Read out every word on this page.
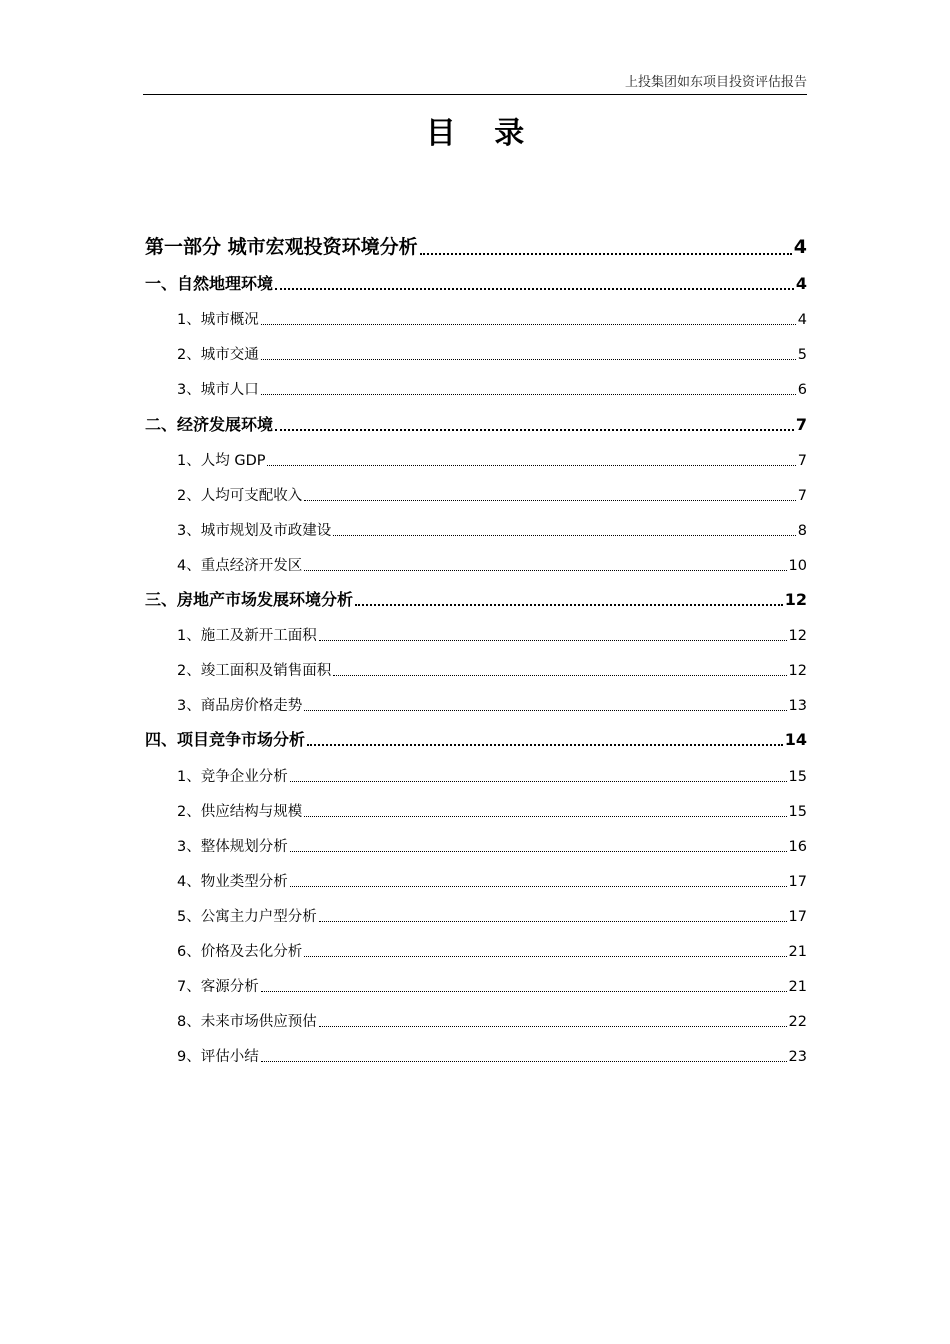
上投集团如东项目投资评估报告
目 录
第一部分 城市宏观投资环境分析	4
一、自然地理环境	4
1、城市概况	4
2、城市交通	5
3、城市人口	6
二、经济发展环境	7
1、人均 GDP	7
2、人均可支配收入	7
3、城市规划及市政建设	8
4、重点经济开发区	10
三、房地产市场发展环境分析	12
1、施工及新开工面积	12
2、竣工面积及销售面积	12
3、商品房价格走势	13
四、项目竞争市场分析	14
1、竞争企业分析	15
2、供应结构与规模	15
3、整体规划分析	16
4、物业类型分析	17
5、公寓主力户型分析	17
6、价格及去化分析	21
7、客源分析	21
8、未来市场供应预估	22
9、评估小结	23
